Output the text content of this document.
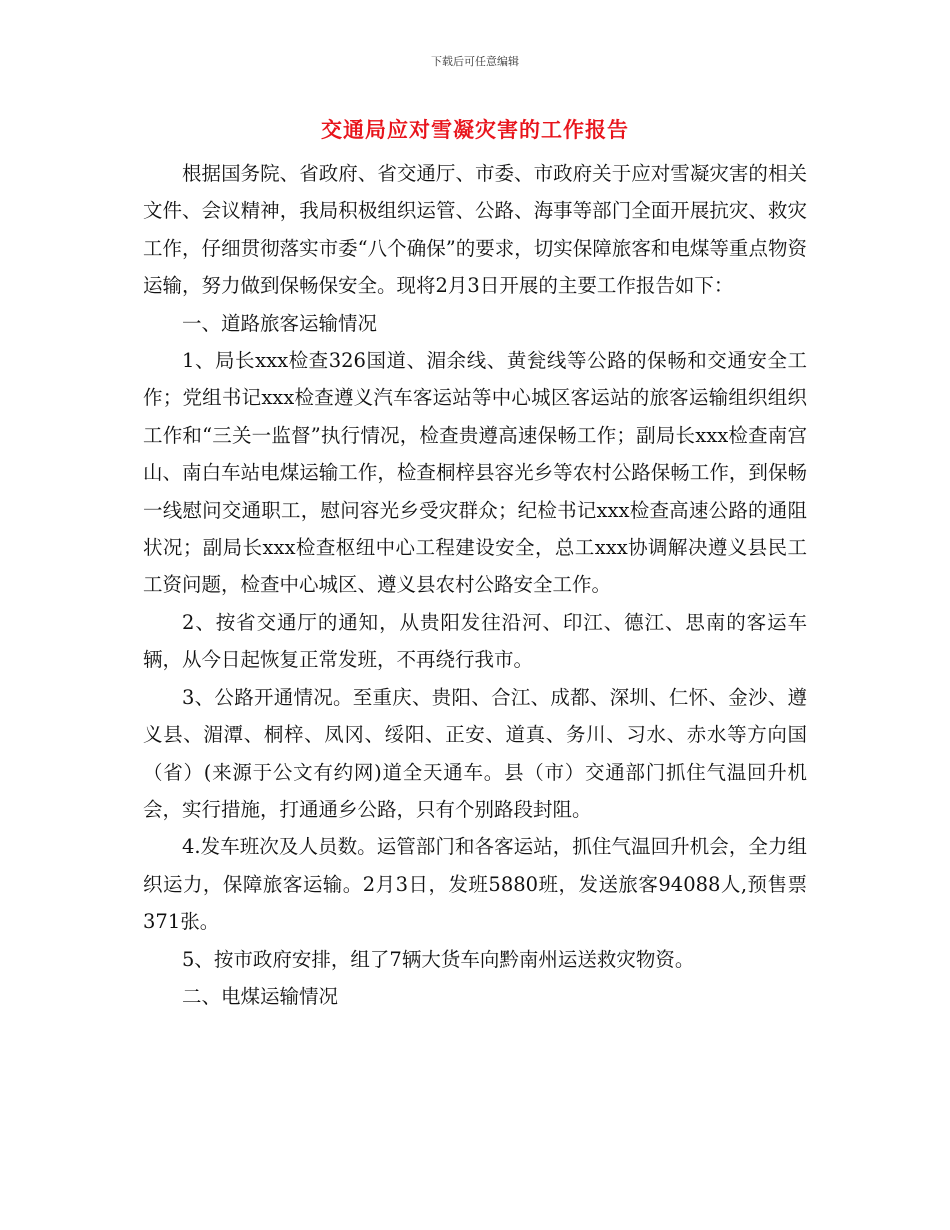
下载后可任意编辑
交通局应对雪凝灾害的工作报告

根据国务院、省政府、省交通厅、市委、市政府关于应对雪凝灾害的相关文件、会议精神，我局积极组织运管、公路、海事等部门全面开展抗灾、救灾工作，仔细贯彻落实市委“八个确保”的要求，切实保障旅客和电煤等重点物资运输，努力做到保畅保安全。现将2月3日开展的主要工作报告如下：

一、道路旅客运输情况

1、局长xxx检查326国道、湄余线、黄瓮线等公路的保畅和交通安全工作；党组书记xxx检查遵义汽车客运站等中心城区客运站的旅客运输组织组织工作和“三关一监督”执行情况，检查贵遵高速保畅工作；副局长xxx检查南宫山、南白车站电煤运输工作，检查桐梓县容光乡等农村公路保畅工作，到保畅一线慰问交通职工，慰问容光乡受灾群众；纪检书记xxx检查高速公路的通阻状况；副局长xxx检查枢纽中心工程建设安全，总工xxx协调解决遵义县民工工资问题，检查中心城区、遵义县农村公路安全工作。

2、按省交通厅的通知，从贵阳发往沿河、印江、德江、思南的客运车辆，从今日起恢复正常发班，不再绕行我市。

3、公路开通情况。至重庆、贵阳、合江、成都、深圳、仁怀、金沙、遵义县、湄潭、桐梓、凤冈、绥阳、正安、道真、务川、习水、赤水等方向国（省）(来源于公文有约网)道全天通车。县（市）交通部门抓住气温回升机会，实行措施，打通通乡公路，只有个别路段封阻。

4.发车班次及人员数。运管部门和各客运站，抓住气温回升机会，全力组织运力，保障旅客运输。2月3日，发班5880班，发送旅客94088人,预售票371张。

5、按市政府安排，组了7辆大货车向黔南州运送救灾物资。

二、电煤运输情况
